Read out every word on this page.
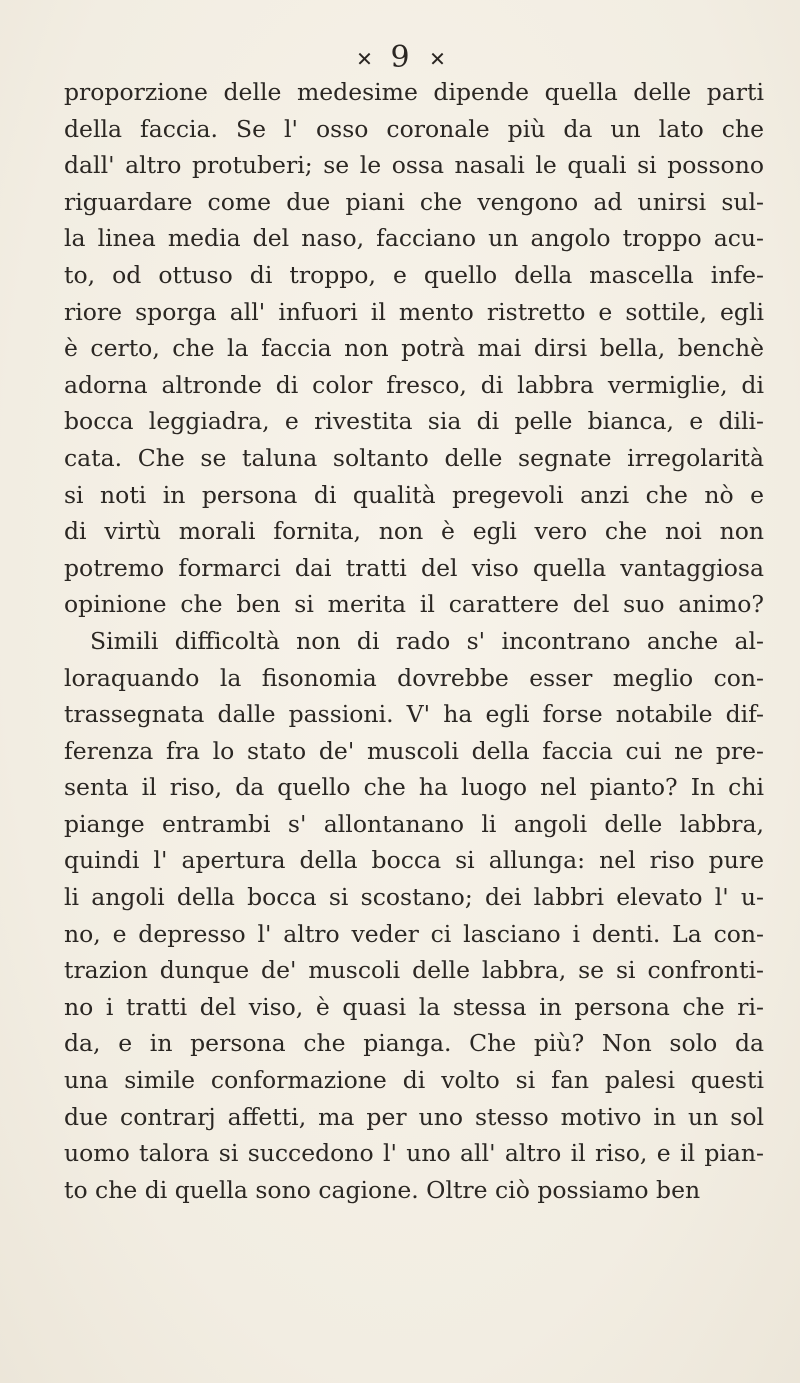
✕ 9 ✕
proporzione delle medesime dipende quella delle parti
della faccia. Se l' osso coronale più da un lato che
dall' altro protuberi; se le ossa nasali le quali si possono
riguardare come due piani che vengono ad unirsi sul-
la linea media del naso, facciano un angolo troppo acu-
to, od ottuso di troppo, e quello della mascella infe-
riore sporga all' infuori il mento ristretto e sottile, egli
è certo, che la faccia non potrà mai dirsi bella, benchè
adorna altronde di color fresco, di labbra vermiglie, di
bocca leggiadra, e rivestita sia di pelle bianca, e dili-
cata. Che se taluna soltanto delle segnate irregolarità
si noti in persona di qualità pregevoli anzi che nò e
di virtù morali fornita, non è egli vero che noi non
potremo formarci dai tratti del viso quella vantaggiosa
opinione che ben si merita il carattere del suo animo?
Simili difficoltà non di rado s' incontrano anche al-
loraquando la fisonomia dovrebbe esser meglio con-
trassegnata dalle passioni. V' ha egli forse notabile dif-
ferenza fra lo stato de' muscoli della faccia cui ne pre-
senta il riso, da quello che ha luogo nel pianto? In chi
piange entrambi s' allontanano li angoli delle labbra,
quindi l' apertura della bocca si allunga: nel riso pure
li angoli della bocca si scostano; dei labbri elevato l' u-
no, e depresso l' altro veder ci lasciano i denti. La con-
trazion dunque de' muscoli delle labbra, se si confronti-
no i tratti del viso, è quasi la stessa in persona che ri-
da, e in persona che pianga. Che più? Non solo da
una simile conformazione di volto si fan palesi questi
due contrarj affetti, ma per uno stesso motivo in un sol
uomo talora si succedono l' uno all' altro il riso, e il pian-
to che di quella sono cagione. Oltre ciò possiamo ben
